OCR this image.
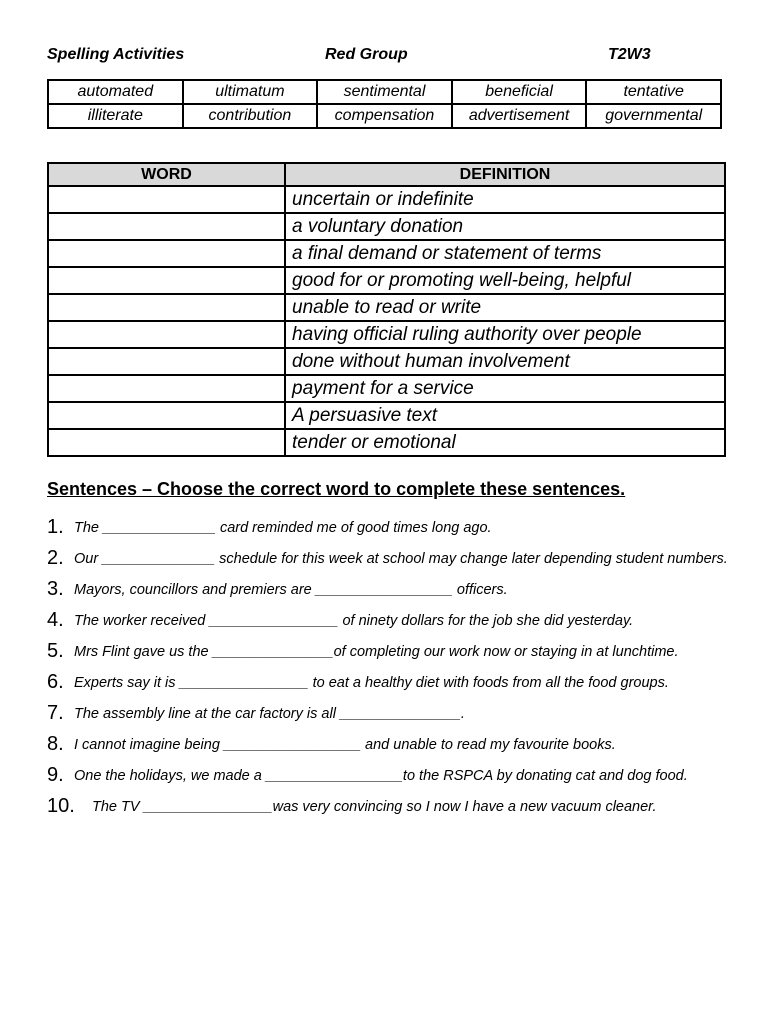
Spelling Activities	Red Group	T2W3
automated	ultimatum	sentimental	beneficial	tentative
illiterate	contribution	compensation	advertisement	governmental
WORD	DEFINITION
	uncertain or indefinite
	a voluntary donation
	a final demand or statement of terms
	good for or promoting well-being, helpful
	unable to read or write
	having official ruling authority over people
	done without human involvement
	payment for a service
	A persuasive text
	tender or emotional
Sentences – Choose the correct word to complete these sentences.
1. The ______________ card reminded me of good times long ago.
2. Our ______________ schedule for this week at school may change later depending student numbers.
3. Mayors, councillors and premiers are _________________ officers.
4. The worker received ________________ of ninety dollars for the job she did yesterday.
5. Mrs Flint gave us the _______________of completing our work now or staying in at lunchtime.
6. Experts say it is ________________ to eat a healthy diet with foods from all the food groups.
7. The assembly line at the car factory is all _______________.
8. I cannot imagine being _________________ and unable to read my favourite books.
9. One the holidays, we made a _________________to the RSPCA by donating cat and dog food.
10. The TV ________________was very convincing so I now I have a new vacuum cleaner.
